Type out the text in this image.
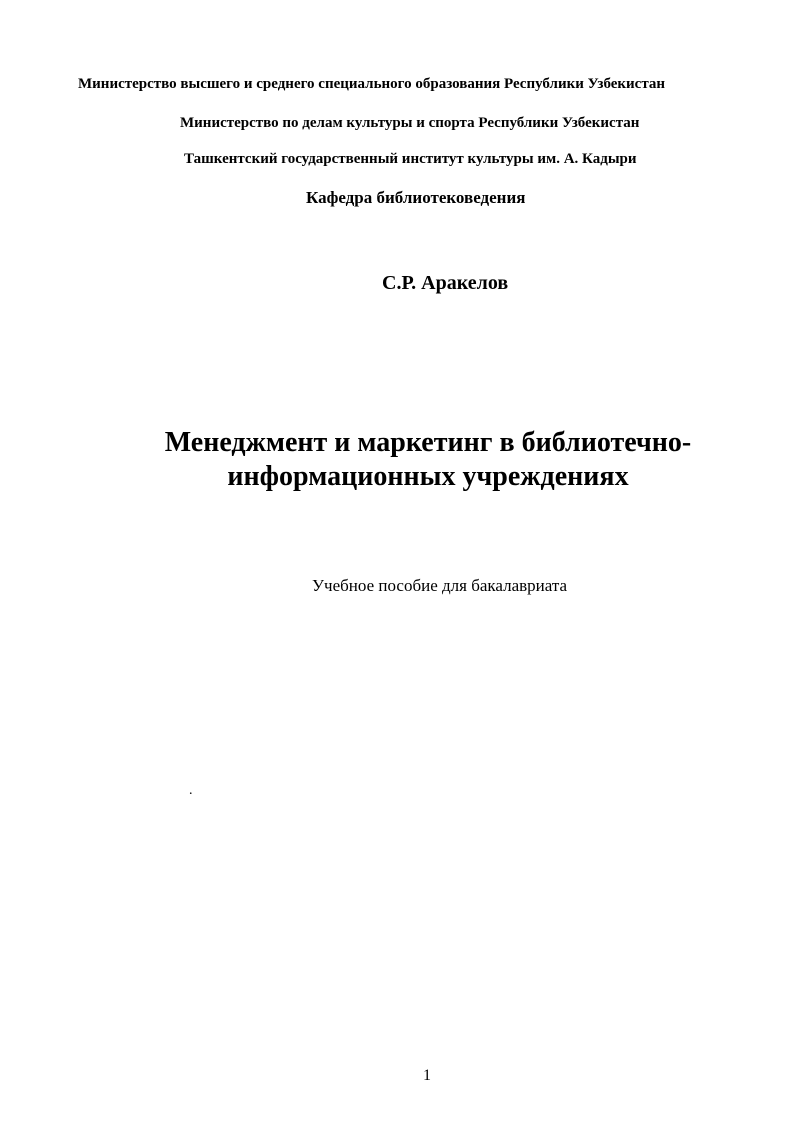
Министерство высшего и среднего специального образования Республики Узбекистан
Министерство по делам культуры и спорта Республики Узбекистан
Ташкентский государственный институт культуры им. А. Кадыри
Кафедра библиотековедения
С.Р. Аракелов
Менеджмент и маркетинг в библиотечно-
информационных учреждениях
Учебное пособие для бакалавриата
.
1
